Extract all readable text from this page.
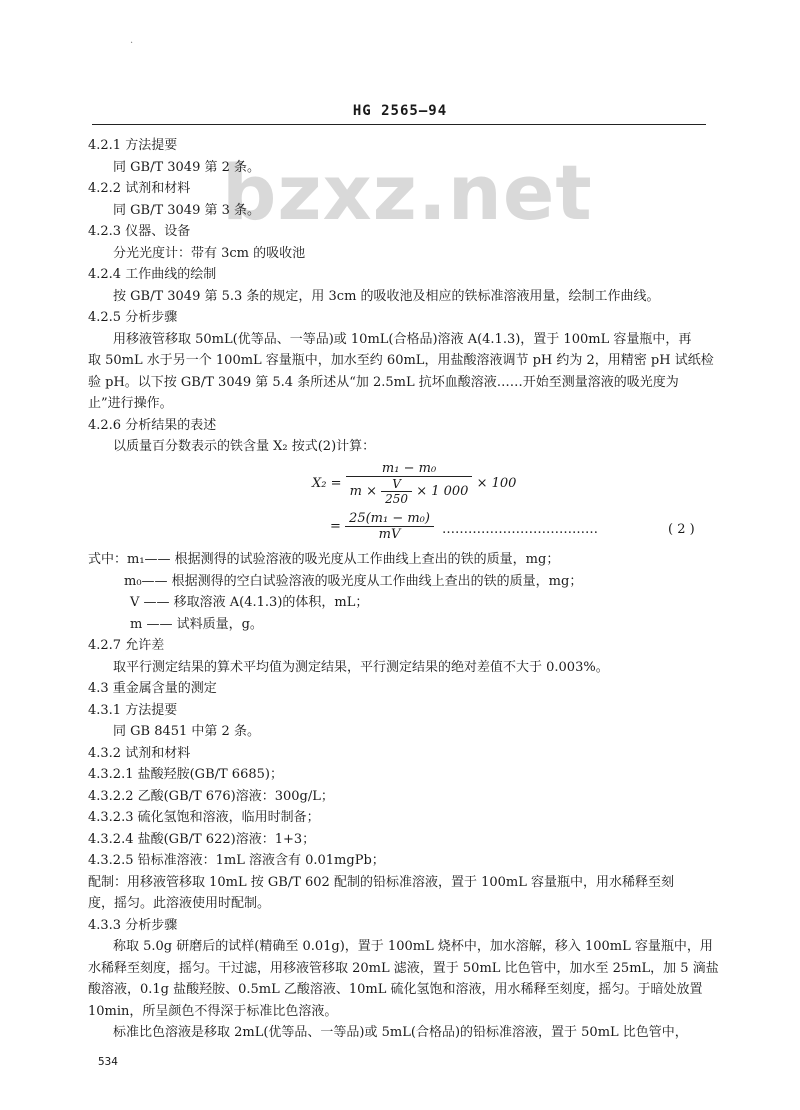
·
HG 2565—94
bzxz.net
4.2.1 方法提要
同 GB/T 3049 第 2 条。
4.2.2 试剂和材料
同 GB/T 3049 第 3 条。
4.2.3 仪器、设备
分光光度计：带有 3cm 的吸收池
4.2.4 工作曲线的绘制
按 GB/T 3049 第 5.3 条的规定，用 3cm 的吸收池及相应的铁标准溶液用量，绘制工作曲线。
4.2.5 分析步骤
用移液管移取 50mL(优等品、一等品)或 10mL(合格品)溶液 A(4.1.3)，置于 100mL 容量瓶中，再
取 50mL 水于另一个 100mL 容量瓶中，加水至约 60mL，用盐酸溶液调节 pH 约为 2，用精密 pH 试纸检
验 pH。以下按 GB/T 3049 第 5.4 条所述从“加 2.5mL 抗坏血酸溶液……开始至测量溶液的吸光度为
止”进行操作。
4.2.6 分析结果的表述
以质量百分数表示的铁含量 X₂ 按式(2)计算：
X₂ =
m₁ − m₀
$m \times \frac{V}{250} \times 1$ 000
× 100
= $\frac{\text{25(m₁ − m₀)}}{mV}$ ………………………………	( 2 )
式中：m₁—— 根据测得的试验溶液的吸光度从工作曲线上查出的铁的质量，mg；
m₀—— 根据测得的空白试验溶液的吸光度从工作曲线上查出的铁的质量，mg；
V —— 移取溶液 A(4.1.3)的体积，mL；
m —— 试料质量，g。
4.2.7 允许差
取平行测定结果的算术平均值为测定结果，平行测定结果的绝对差值不大于 0.003%。
4.3 重金属含量的测定
4.3.1 方法提要
同 GB 8451 中第 2 条。
4.3.2 试剂和材料
4.3.2.1 盐酸羟胺(GB/T 6685)；
4.3.2.2 乙酸(GB/T 676)溶液：300g/L；
4.3.2.3 硫化氢饱和溶液，临用时制备；
4.3.2.4 盐酸(GB/T 622)溶液：1+3；
4.3.2.5 铅标准溶液：1mL 溶液含有 0.01mgPb；
配制：用移液管移取 10mL 按 GB/T 602 配制的铅标准溶液，置于 100mL 容量瓶中，用水稀释至刻
度，摇匀。此溶液使用时配制。
4.3.3 分析步骤
称取 5.0g 研磨后的试样(精确至 0.01g)，置于 100mL 烧杯中，加水溶解，移入 100mL 容量瓶中，用
水稀释至刻度，摇匀。干过滤，用移液管移取 20mL 滤液，置于 50mL 比色管中，加水至 25mL，加 5 滴盐
酸溶液，0.1g 盐酸羟胺、0.5mL 乙酸溶液、10mL 硫化氢饱和溶液，用水稀释至刻度，摇匀。于暗处放置
10min，所呈颜色不得深于标准比色溶液。
标准比色溶液是移取 2mL(优等品、一等品)或 5mL(合格品)的铅标准溶液，置于 50mL 比色管中，
534
